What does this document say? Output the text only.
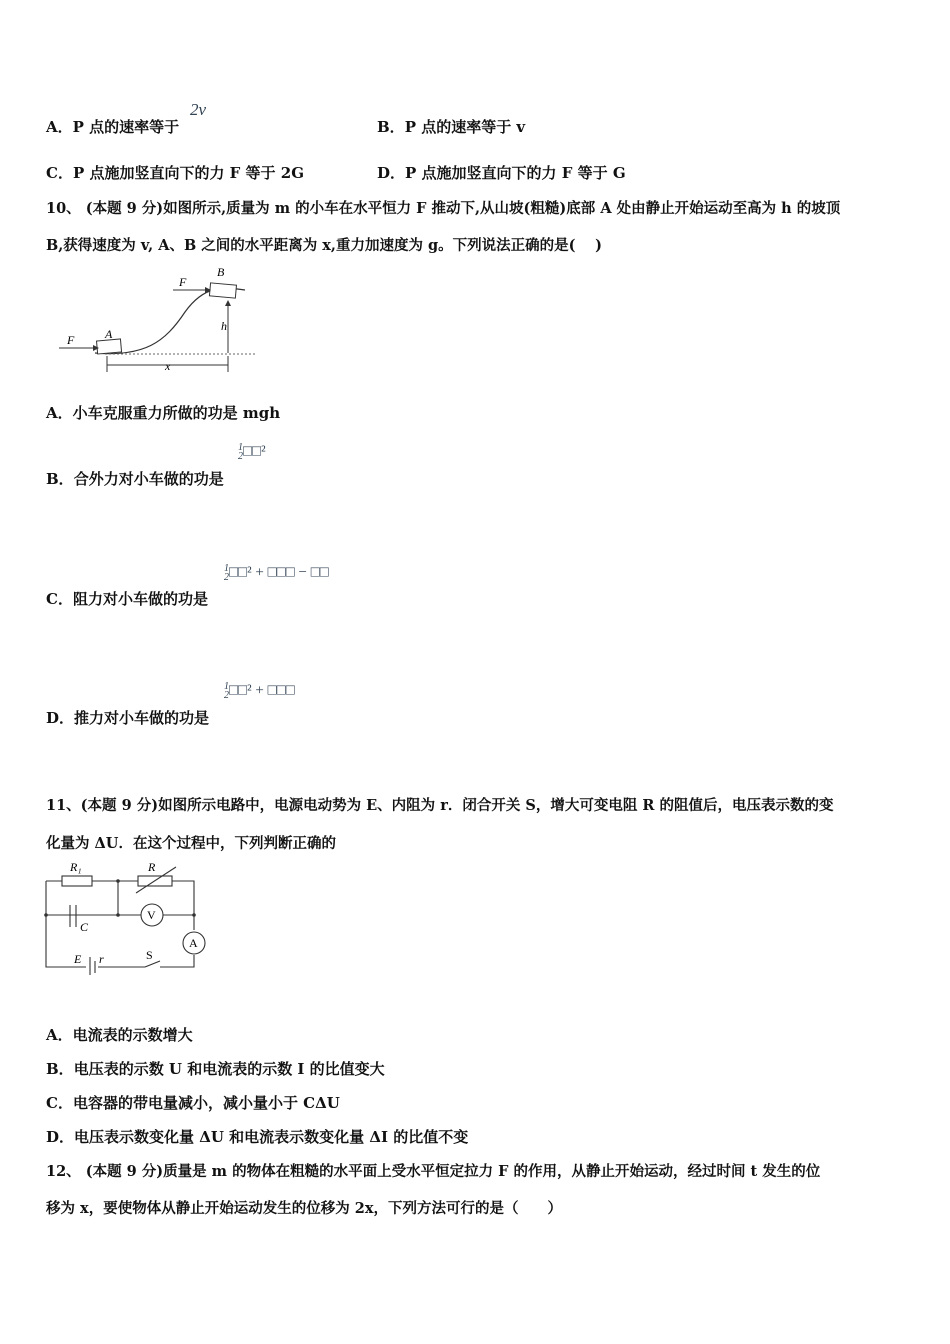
A．P 点的速率等于
2v
B．P 点的速率等于 v
C．P 点施加竖直向下的力 F 等于 2G	D．P 点施加竖直向下的力 F 等于 G
10、 (本题 9 分)如图所示,质量为 m 的小车在水平恒力 F 推动下,从山坡(粗糙)底部 A 处由静止开始运动至高为 h 的坡顶
B,获得速度为 v, A、B 之间的水平距离为 x,重力加速度为 g。下列说法正确的是(　 )
F
F
A
B
h
x
A．小车克服重力所做的功是 mgh
B．合外力对小车做的功是
1
2□□²
C．阻力对小车做的功是
1
2□□² + □□□ − □□
D．推力对小车做的功是
1
2□□² + □□□
11、(本题 9 分)如图所示电路中，电源电动势为 E、内阻为 r．闭合开关 S，增大可变电阻 R 的阻值后，电压表示数的变
化量为 ΔU．在这个过程中，下列判断正确的
R₁	R
C
V
A
E r	S
A．电流表的示数增大
B．电压表的示数 U 和电流表的示数 I 的比值变大
C．电容器的带电量减小，减小量小于 CΔU
D．电压表示数变化量 ΔU 和电流表示数变化量 ΔI 的比值不变
12、 (本题 9 分)质量是 m 的物体在粗糙的水平面上受水平恒定拉力 F 的作用，从静止开始运动，经过时间 t 发生的位
移为 x，要使物体从静止开始运动发生的位移为 2x，下列方法可行的是（　　）
